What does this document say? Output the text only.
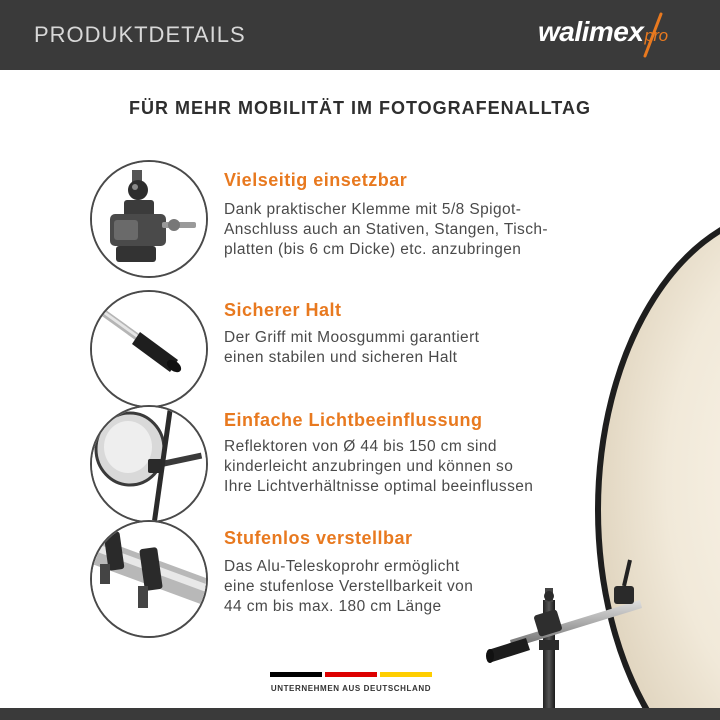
PRODUKTDETAILS	walimexpro
FÜR MEHR MOBILITÄT IM FOTOGRAFENALLTAG
Vielseitig einsetzbar
Dank praktischer Klemme mit 5/8 Spigot-
Anschluss auch an Stativen, Stangen, Tisch-
platten (bis 6 cm Dicke) etc. anzubringen
Sicherer Halt
Der Griff mit Moosgummi garantiert
einen stabilen und sicheren Halt
Einfache Lichtbeeinflussung
Reflektoren von Ø 44 bis 150 cm sind
kinderleicht anzubringen und können so
Ihre Lichtverhältnisse optimal beeinflussen
Stufenlos verstellbar
Das Alu-Teleskoprohr ermöglicht
eine stufenlose Verstellbarkeit von
44 cm bis max. 180 cm Länge
UNTERNEHMEN AUS DEUTSCHLAND
